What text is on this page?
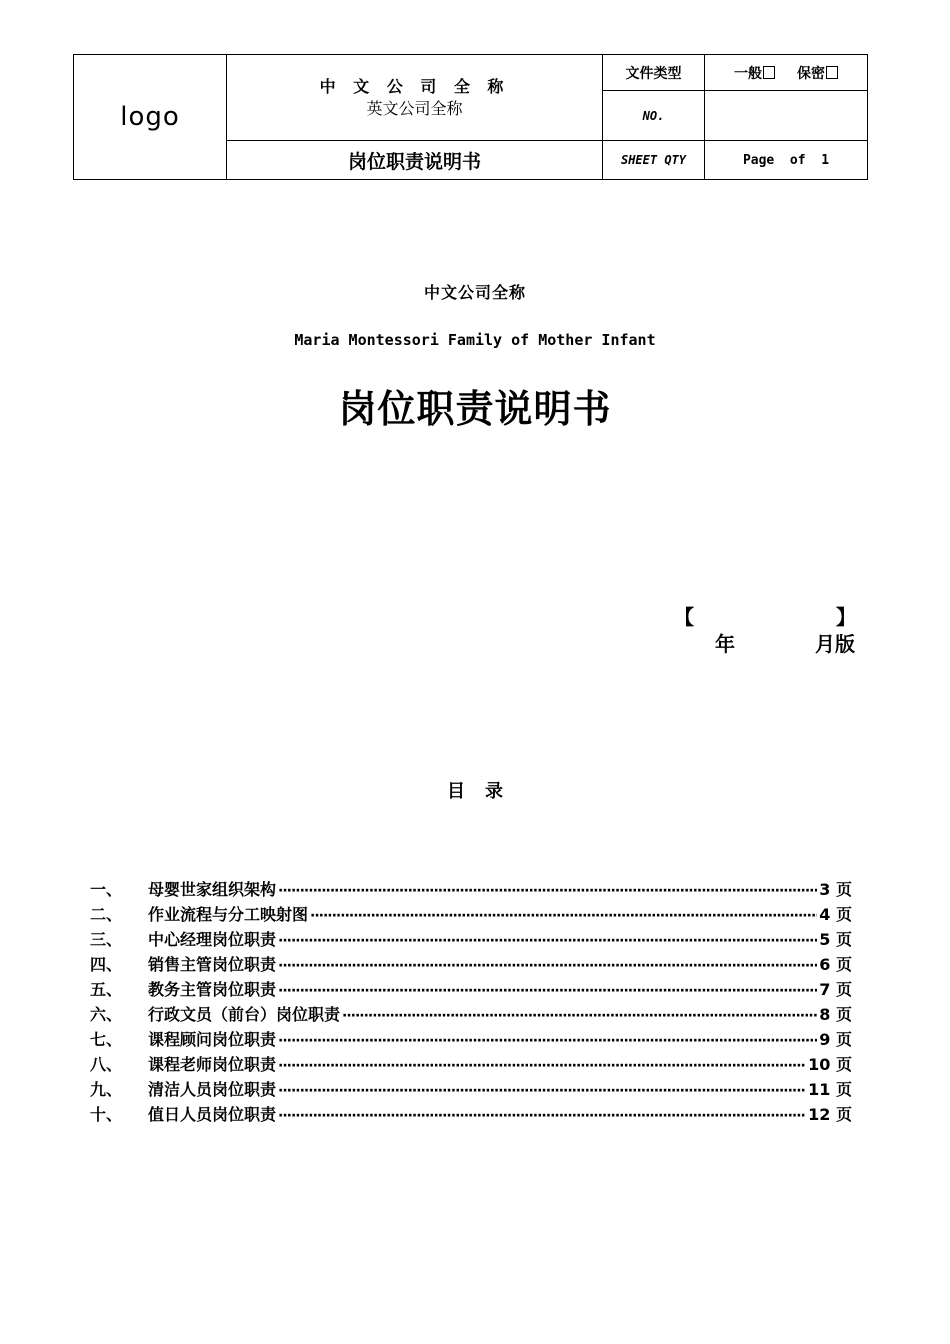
logo	中 文 公 司 全 称
英文公司全称	文件类型	一般 保密
		NO.	
	岗位职责说明书	SHEET QTY	Page  of  1
中文公司全称
Maria Montessori Family of Mother Infant
岗位职责说明书
【	】
年	月版
目录
一、	母婴世家组织架构 ·····	3 页
二、	作业流程与分工映射图 ·····	4 页
三、	中心经理岗位职责 ·····	5 页
四、	销售主管岗位职责 ·····	6 页
五、	教务主管岗位职责 ·····	7 页
六、	行政文员（前台）岗位职责 ·····	8 页
七、	课程顾问岗位职责 ·····	9 页
八、	课程老师岗位职责 ·····	10 页
九、	清洁人员岗位职责 ·····	11 页
十、	值日人员岗位职责 ·····	12 页
